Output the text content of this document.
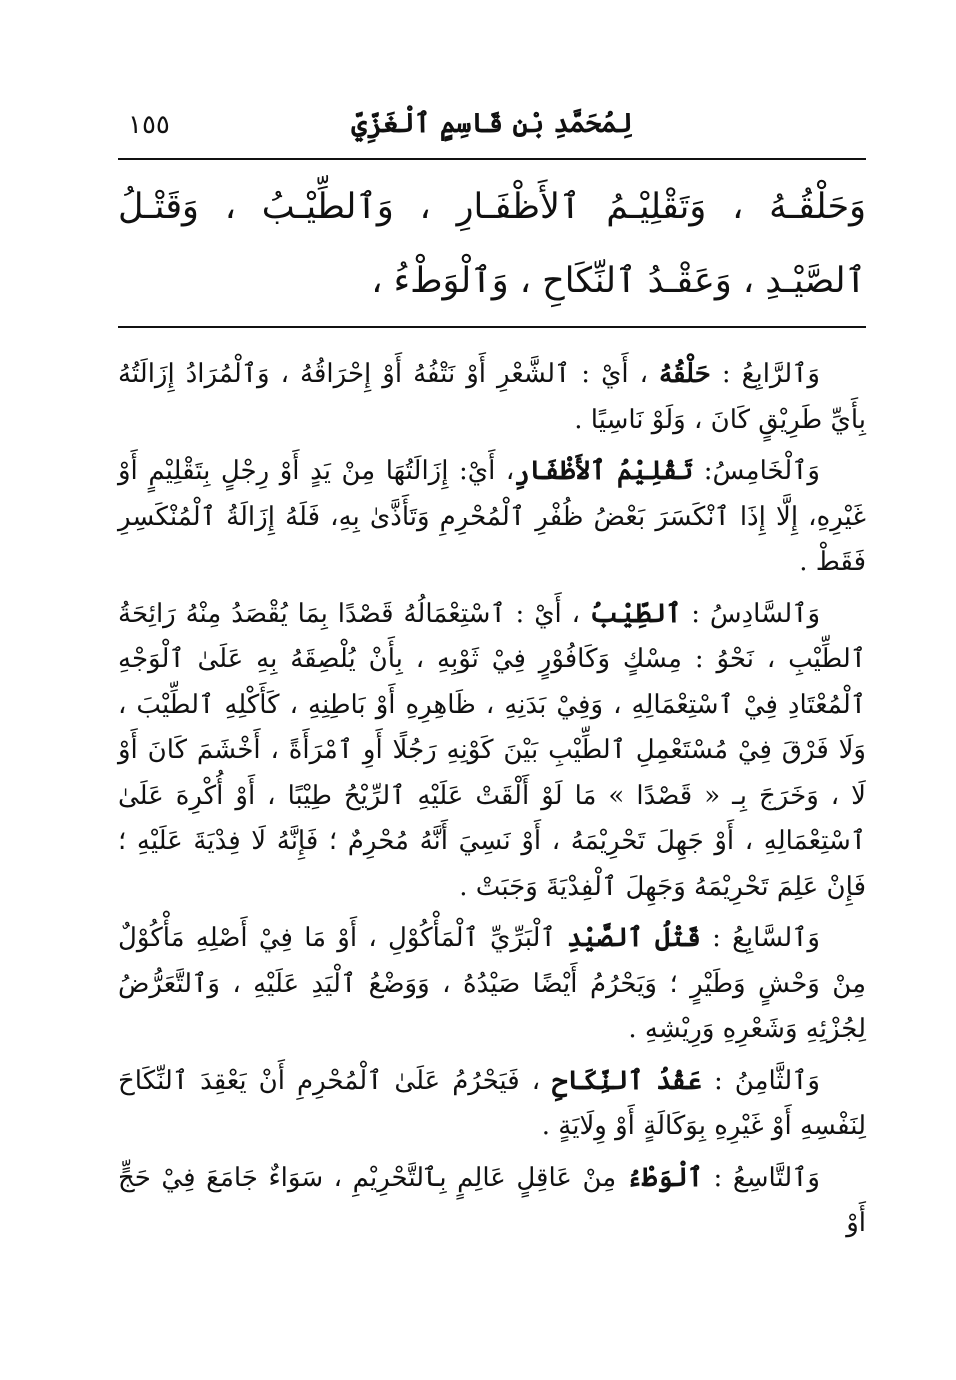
لِمُحَمَّدِ بْنِ قَاسِمٍ ٱلْغَزِّيِّ
١٥٥
وَحَلْقُـهُ ، وَتَقْلِيْـمُ ٱلأَظْفَـارِ ، وَٱلطِّيْـبُ ، وَقَتْـلُ ٱلصَّيْـدِ ، وَعَقْـدُ ٱلنِّكَاحِ ، وَٱلْوَطْءُ ،

وَٱلرَّابِعُ : حَلْقُهُ ، أَيْ : ٱلشَّعْرِ أَوْ نَتْفُهُ أَوْ إِحْرَاقُهُ ، وَٱلْمُرَادُ إِزَالَتُهُ بِأَيِّ طَرِيْقٍ كَانَ ، وَلَوْ نَاسِيًا .

وَٱلْخَامِسُ: تَقْلِيْمُ ٱلأَظْفَارِ، أَيْ: إِزَالَتُهَا مِنْ يَدٍ أَوْ رِجْلٍ بِتَقْلِيْمٍ أَوْ غَيْرِهِ، إِلَّا إِذَا ٱنْكَسَرَ بَعْضُ ظُفْرِ ٱلْمُحْرِمِ وَتَأَذَّىٰ بِهِ، فَلَهُ إِزَالَةُ ٱلْمُنْكَسِرِ فَقَطْ .

وَٱلسَّادِسُ : ٱلطِّيْبُ ، أَيْ : ٱسْتِعْمَالُهُ قَصْدًا بِمَا يُقْصَدُ مِنْهُ رَائِحَةُ ٱلطِّيْبِ ، نَحْوُ : مِسْكٍ وَكَافُوْرٍ فِيْ ثَوْبِهِ ، بِأَنْ يُلْصِقَهُ بِهِ عَلَىٰ ٱلْوَجْهِ ٱلْمُعْتَادِ فِيْ ٱسْتِعْمَالِهِ ، وَفِيْ بَدَنِهِ ، ظَاهِرِهِ أَوْ بَاطِنِهِ ، كَأَكْلِهِ ٱلطِّيْبَ ، وَلَا فَرْقَ فِيْ مُسْتَعْمِلِ ٱلطِّيْبِ بَيْنَ كَوْنِهِ رَجُلًا أَوِ ٱمْرَأَةً ، أَخْشَمَ كَانَ أَوْ لَا ، وَخَرَجَ بِـ « قَصْدًا » مَا لَوْ أَلْقَتْ عَلَيْهِ ٱلرِّيْحُ طِيْبًا ، أَوْ أُكْرِهَ عَلَىٰ ٱسْتِعْمَالِهِ ، أَوْ جَهِلَ تَحْرِيْمَهُ ، أَوْ نَسِيَ أَنَّهُ مُحْرِمٌ ؛ فَإِنَّهُ لَا فِدْيَةَ عَلَيْهِ ؛ فَإِنْ عَلِمَ تَحْرِيْمَهُ وَجَهِلَ ٱلْفِدْيَةَ وَجَبَتْ .

وَٱلسَّابِعُ : قَتْلُ ٱلصَّيْدِ ٱلْبَرِّيِّ ٱلْمَأْكُوْلِ ، أَوْ مَا فِيْ أَصْلِهِ مَأْكُوْلٌ مِنْ وَحْشٍ وَطَيْرٍ ؛ وَيَحْرُمُ أَيْضًا صَيْدُهُ ، وَوَضْعُ ٱلْيَدِ عَلَيْهِ ، وَٱلتَّعَرُّضُ لِجُزْئِهِ وَشَعْرِهِ وَرِيْشِهِ .

وَٱلثَّامِنُ : عَقْدُ ٱلنِّكَاحِ ، فَيَحْرُمُ عَلَىٰ ٱلْمُحْرِمِ أَنْ يَعْقِدَ ٱلنِّكَاحَ لِنَفْسِهِ أَوْ غَيْرِهِ بِوَكَالَةٍ أَوْ وِلَايَةٍ .

وَٱلتَّاسِعُ : ٱلْوَطْءُ مِنْ عَاقِلٍ عَالِمٍ بِٱلتَّحْرِيْمِ ، سَوَاءٌ جَامَعَ فِيْ حَجٍّ أَوْ
